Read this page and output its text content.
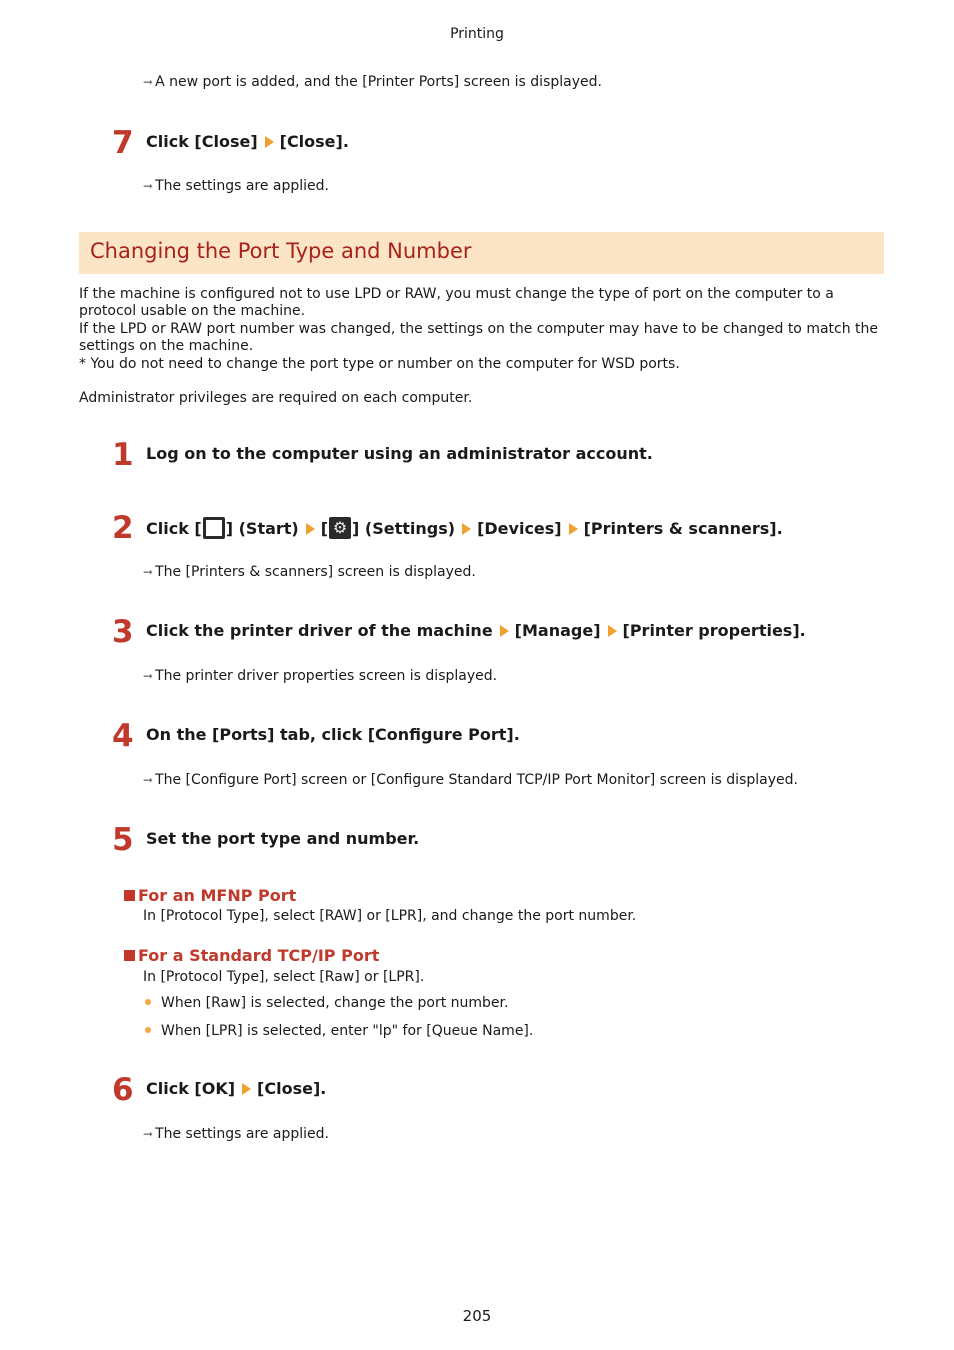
Printing
➞ A new port is added, and the [Printer Ports] screen is displayed.
7 Click [Close] [Close].
➞ The settings are applied.
Changing the Port Type and Number
If the machine is configured not to use LPD or RAW, you must change the type of port on the computer to a protocol usable on the machine.
If the LPD or RAW port number was changed, the settings on the computer may have to be changed to match the settings on the machine.
* You do not need to change the port type or number on the computer for WSD ports.
Administrator privileges are required on each computer.
1 Log on to the computer using an administrator account.
2 Click [ ] (Start) [ ⚙ ] (Settings) [Devices] [Printers & scanners].
➞ The [Printers & scanners] screen is displayed.
3 Click the printer driver of the machine [Manage] [Printer properties].
➞ The printer driver properties screen is displayed.
4 On the [Ports] tab, click [Configure Port].
➞ The [Configure Port] screen or [Configure Standard TCP/IP Port Monitor] screen is displayed.
5 Set the port type and number.
For an MFNP Port
In [Protocol Type], select [RAW] or [LPR], and change the port number.
For a Standard TCP/IP Port
In [Protocol Type], select [Raw] or [LPR].
When [Raw] is selected, change the port number.
When [LPR] is selected, enter "lp" for [Queue Name].
6 Click [OK] [Close].
➞ The settings are applied.
205
